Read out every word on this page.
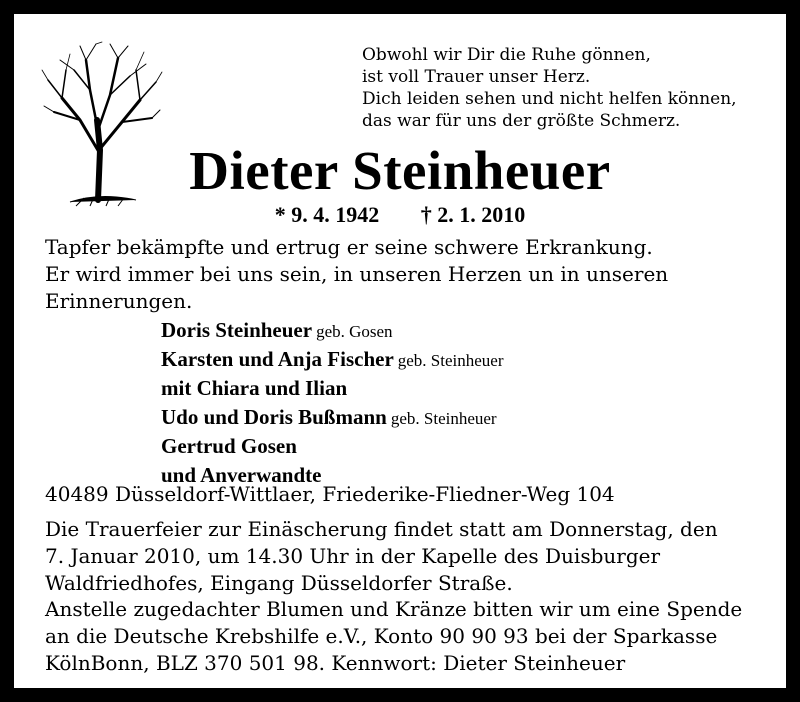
Obwohl wir Dir die Ruhe gönnen,
ist voll Trauer unser Herz.
Dich leiden sehen und nicht helfen können,
das war für uns der größte Schmerz.
Dieter Steinheuer
* 9. 4. 1942 † 2. 1. 2010
Tapfer bekämpfte und ertrug er seine schwere Erkrankung.
Er wird immer bei uns sein, in unseren Herzen un in unseren
Erinnerungen.
Doris Steinheuer geb. Gosen
Karsten und Anja Fischer geb. Steinheuer
mit Chiara und Ilian
Udo und Doris Bußmann geb. Steinheuer
Gertrud Gosen
und Anverwandte
40489 Düsseldorf-Wittlaer, Friederike-Fliedner-Weg 104
Die Trauerfeier zur Einäscherung findet statt am Donnerstag, den
7. Januar 2010, um 14.30 Uhr in der Kapelle des Duisburger
Waldfriedhofes, Eingang Düsseldorfer Straße.
Anstelle zugedachter Blumen und Kränze bitten wir um eine Spende
an die Deutsche Krebshilfe e.V., Konto 90 90 93 bei der Sparkasse
KölnBonn, BLZ 370 501 98. Kennwort: Dieter Steinheuer
